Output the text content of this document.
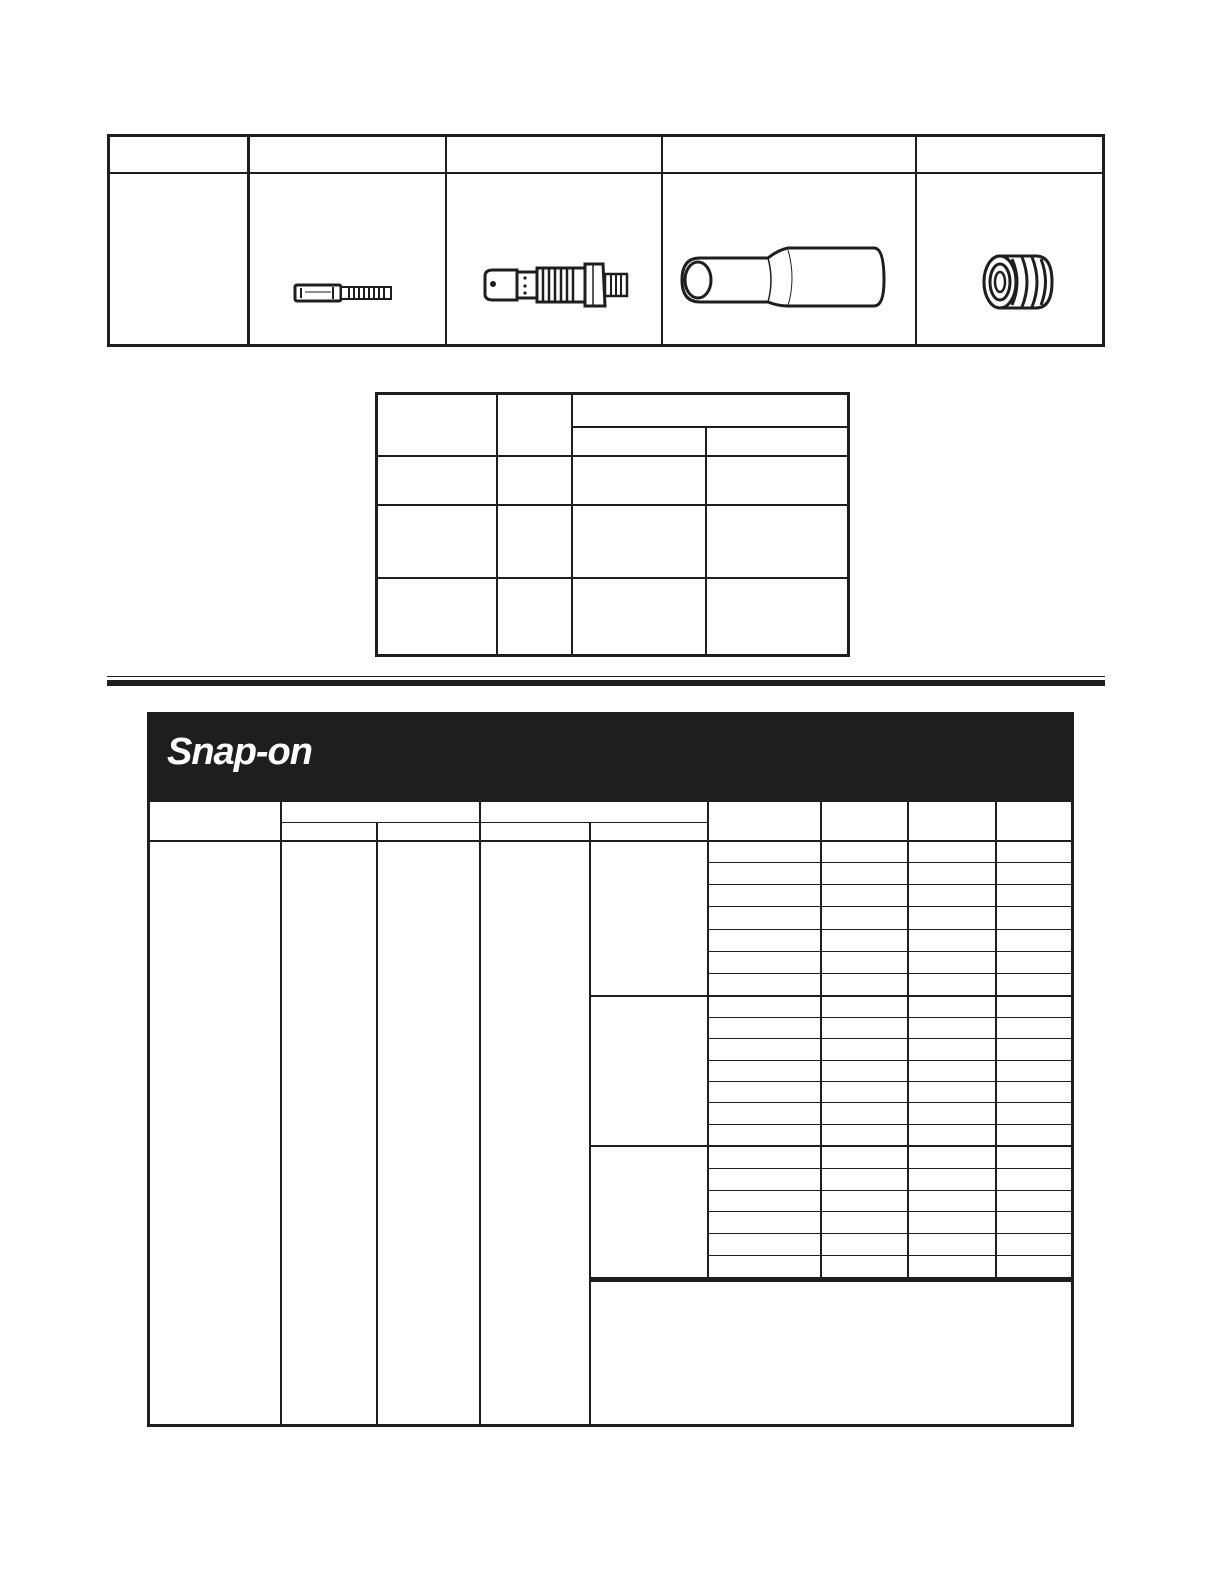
Snap-on
